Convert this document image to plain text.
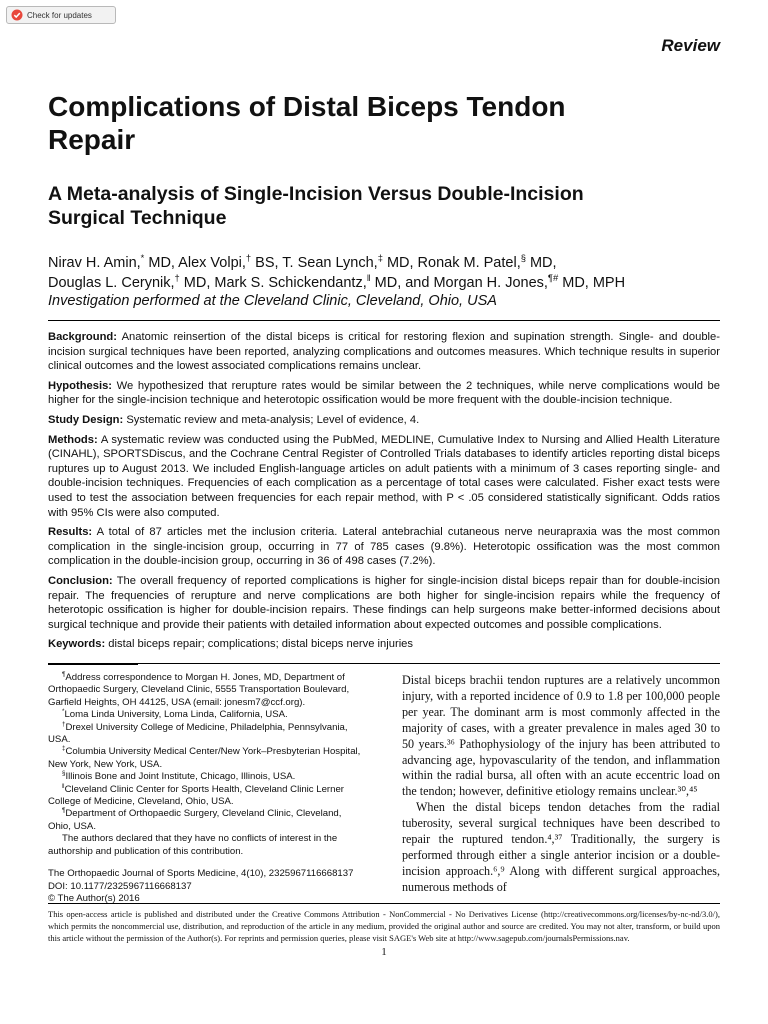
Check for updates
Review
Complications of Distal Biceps Tendon Repair
A Meta-analysis of Single-Incision Versus Double-Incision Surgical Technique
Nirav H. Amin,* MD, Alex Volpi,† BS, T. Sean Lynch,‡ MD, Ronak M. Patel,§ MD,
Douglas L. Cerynik,† MD, Mark S. Schickendantz,‖ MD, and Morgan H. Jones,¶# MD, MPH
Investigation performed at the Cleveland Clinic, Cleveland, Ohio, USA

Background: Anatomic reinsertion of the distal biceps is critical for restoring flexion and supination strength. Single- and double-incision surgical techniques have been reported, analyzing complications and outcomes measures. Which technique results in superior clinical outcomes and the lowest associated complications remains unclear.

Hypothesis: We hypothesized that rerupture rates would be similar between the 2 techniques, while nerve complications would be higher for the single-incision technique and heterotopic ossification would be more frequent with the double-incision technique.

Study Design: Systematic review and meta-analysis; Level of evidence, 4.

Methods: A systematic review was conducted using the PubMed, MEDLINE, Cumulative Index to Nursing and Allied Health Literature (CINAHL), SPORTSDiscus, and the Cochrane Central Register of Controlled Trials databases to identify articles reporting distal biceps ruptures up to August 2013. We included English-language articles on adult patients with a minimum of 3 cases reporting single- and double-incision techniques. Frequencies of each complication as a percentage of total cases were calculated. Fisher exact tests were used to test the association between frequencies for each repair method, with P < .05 considered statistically significant. Odds ratios with 95% CIs were also computed.

Results: A total of 87 articles met the inclusion criteria. Lateral antebrachial cutaneous nerve neurapraxia was the most common complication in the single-incision group, occurring in 77 of 785 cases (9.8%). Heterotopic ossification was the most common complication in the double-incision group, occurring in 36 of 498 cases (7.2%).

Conclusion: The overall frequency of reported complications is higher for single-incision distal biceps repair than for double-incision repair. The frequencies of rerupture and nerve complications are both higher for single-incision repairs while the frequency of heterotopic ossification is higher for double-incision repairs. These findings can help surgeons make better-informed decisions about surgical technique and provide their patients with detailed information about expected outcomes and possible complications.

Keywords: distal biceps repair; complications; distal biceps nerve injuries

¶Address correspondence to Morgan H. Jones, MD, Department of Orthopaedic Surgery, Cleveland Clinic, 5555 Transportation Boulevard, Garfield Heights, OH 44125, USA (email: jonesm7@ccf.org).

*Loma Linda University, Loma Linda, California, USA.

†Drexel University College of Medicine, Philadelphia, Pennsylvania, USA.

‡Columbia University Medical Center/New York–Presbyterian Hospital, New York, New York, USA.

§Illinois Bone and Joint Institute, Chicago, Illinois, USA.

‖Cleveland Clinic Center for Sports Health, Cleveland Clinic Lerner College of Medicine, Cleveland, Ohio, USA.

¶Department of Orthopaedic Surgery, Cleveland Clinic, Cleveland, Ohio, USA.

The authors declared that they have no conflicts of interest in the authorship and publication of this contribution.

The Orthopaedic Journal of Sports Medicine, 4(10), 2325967116668137

DOI: 10.1177/2325967116668137

© The Author(s) 2016

Distal biceps brachii tendon ruptures are a relatively uncommon injury, with a reported incidence of 0.9 to 1.8 per 100,000 people per year. The dominant arm is most commonly affected in the majority of cases, with a greater prevalence in males aged 30 to 50 years.³⁶ Pathophysiology of the injury has been attributed to advancing age, hypovascularity of the tendon, and inflammation within the radial bursa, all often with an acute eccentric load on the tendon; however, definitive etiology remains unclear.³⁰,⁴⁵

When the distal biceps tendon detaches from the radial tuberosity, several surgical techniques have been described to repair the ruptured tendon.⁴,³⁷ Traditionally, the surgery is performed through either a single anterior incision or a double-incision approach.⁶,⁹ Along with different surgical approaches, numerous methods of

This open-access article is published and distributed under the Creative Commons Attribution - NonCommercial - No Derivatives License (http://creativecommons.org/licenses/by-nc-nd/3.0/), which permits the noncommercial use, distribution, and reproduction of the article in any medium, provided the original author and source are credited. You may not alter, transform, or build upon this article without the permission of the Author(s). For reprints and permission queries, please visit SAGE's Web site at http://www.sagepub.com/journalsPermissions.nav.
1
